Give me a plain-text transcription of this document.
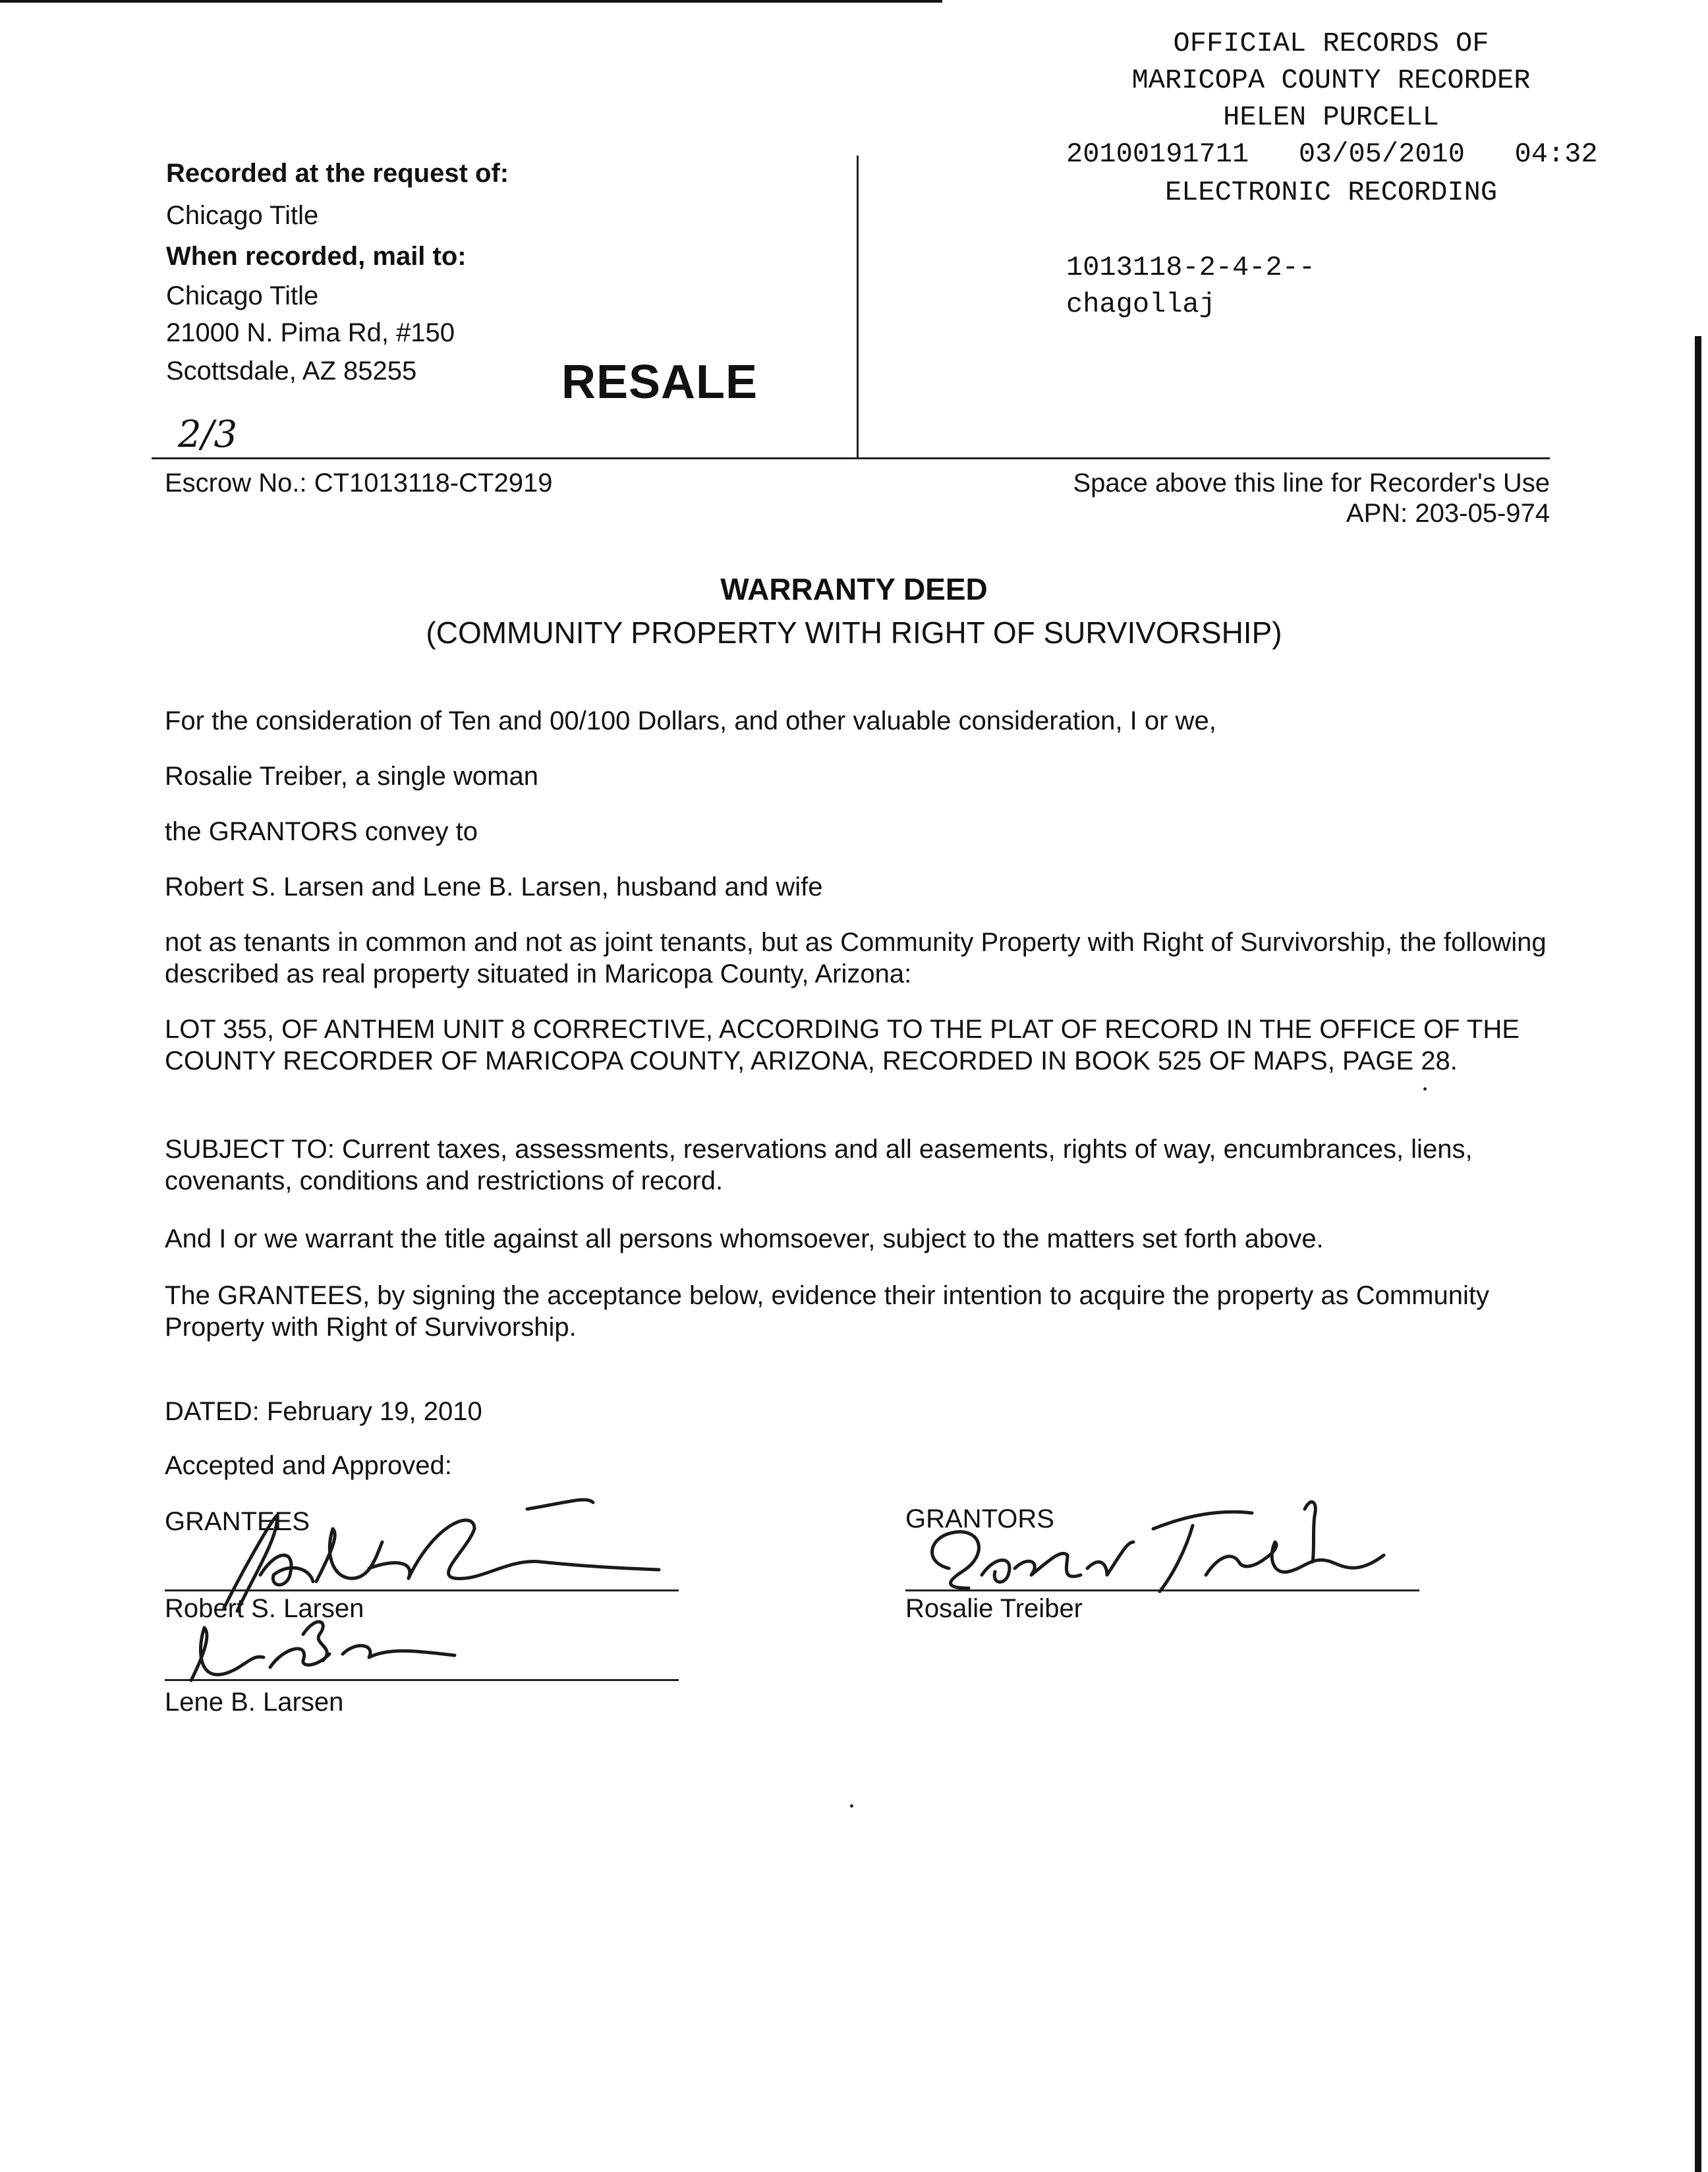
OFFICIAL RECORDS OF
MARICOPA COUNTY RECORDER
HELEN PURCELL
20100191711   03/05/2010   04:32
ELECTRONIC RECORDING
1013118-2-4-2--
chagollaj
Recorded at the request of:
Chicago Title
When recorded, mail to:
Chicago Title
21000 N. Pima Rd, #150
Scottsdale, AZ 85255	RESALE
2/3
Escrow No.: CT1013118-CT2919	Space above this line for Recorder's Use
APN: 203-05-974
WARRANTY DEED
(COMMUNITY PROPERTY WITH RIGHT OF SURVIVORSHIP)
For the consideration of Ten and 00/100 Dollars, and other valuable consideration, I or we,
Rosalie Treiber, a single woman
the GRANTORS convey to
Robert S. Larsen and Lene B. Larsen, husband and wife
not as tenants in common and not as joint tenants, but as Community Property with Right of Survivorship, the following described as real property situated in Maricopa County, Arizona:
LOT 355, OF ANTHEM UNIT 8 CORRECTIVE, ACCORDING TO THE PLAT OF RECORD IN THE OFFICE OF THE COUNTY RECORDER OF MARICOPA COUNTY, ARIZONA, RECORDED IN BOOK 525 OF MAPS, PAGE 28.
SUBJECT TO: Current taxes, assessments, reservations and all easements, rights of way, encumbrances, liens, covenants, conditions and restrictions of record.
And I or we warrant the title against all persons whomsoever, subject to the matters set forth above.
The GRANTEES, by signing the acceptance below, evidence their intention to acquire the property as Community Property with Right of Survivorship.
DATED: February 19, 2010
Accepted and Approved:
GRANTEES
Robert S. Larsen
Lene B. Larsen
GRANTORS
Rosalie Treiber
